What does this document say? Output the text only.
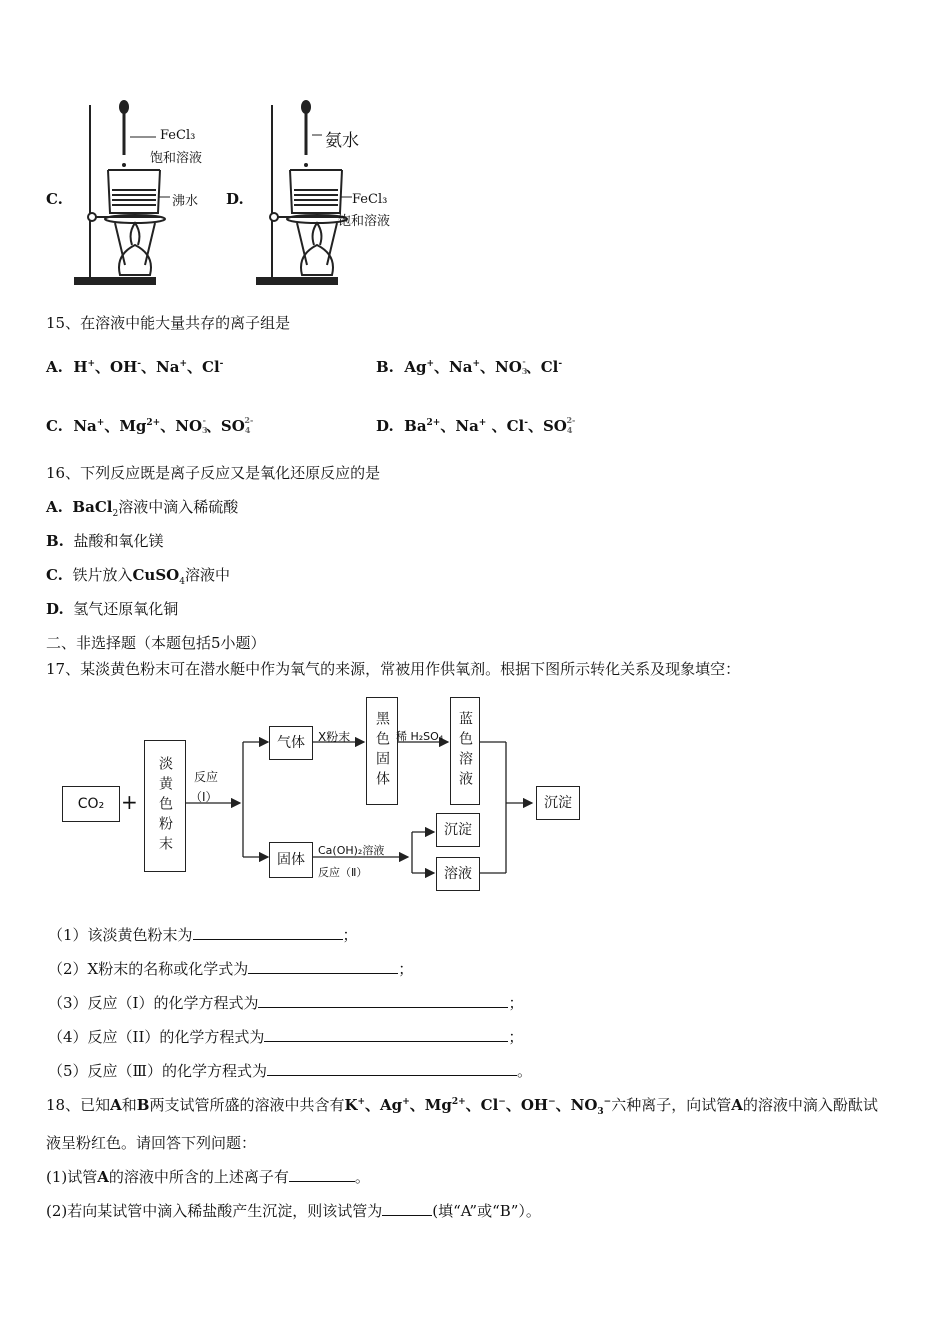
C.
FeCl₃
饱和溶液
沸水 D.
氨水
FeCl₃
饱和溶液
15、在溶液中能大量共存的离子组是
A.  H+、OH-、Na+、Cl-	B.  Ag+、Na+、NO3-、Cl-
C.  Na+、$Mg^{2+}$、NO3-、$SO4^{2-}$	D.  $Ba^{2+}$、Na+ 、Cl-、$SO4^{2-}$
16、下列反应既是离子反应又是氧化还原反应的是
A. BaCl$_2$溶液中滴入稀硫酸
B. 盐酸和氧化镁
C. 铁片放入CuSO$_4$溶液中
D. 氢气还原氧化铜
二、非选择题（本题包括5小题）
17、某淡黄色粉末可在潜水艇中作为氧气的来源，常被用作供氧剂。根据下图所示转化关系及现象填空：
CO₂ + 淡黄色粉末 反应
（Ⅰ）
气体 X粉末 黑色固体 稀 H₂SO₄ 蓝色溶液
固体
Ca(OH)₂溶液
反应（Ⅱ）
沉淀
溶液
沉淀
（1）该淡黄色粉末为	；
（2）X粉末的名称或化学式为	；
（3）反应（I）的化学方程式为	；
（4）反应（II）的化学方程式为	；
（5）反应（Ⅲ）的化学方程式为	。
18、已知A和B两支试管所盛的溶液中共含有K+、Ag+、$Mg^{2+}$、Cl−、OH−、$NO_3^-$六种离子，向试管A的溶液中滴入酚酞试
液呈粉红色。请回答下列问题：
(1)试管A的溶液中所含的上述离子有	。
(2)若向某试管中滴入稀盐酸产生沉淀，则该试管为	(填“A”或“B”）。
